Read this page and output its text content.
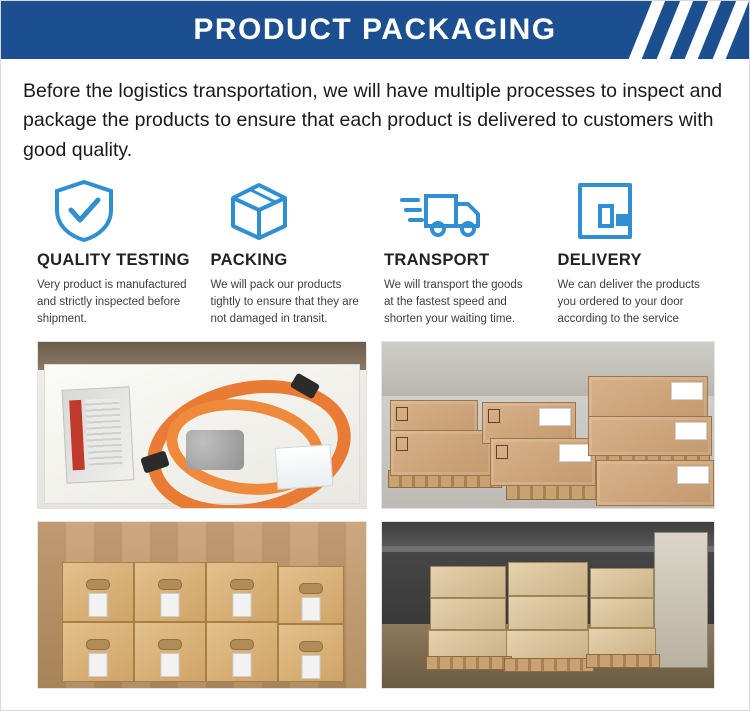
PRODUCT PACKAGING
Before the logistics transportation, we will have multiple processes to inspect and package the products to ensure that each product is delivered to customers with good quality.
QUALITY TESTING
Very product is manufactured and strictly inspected before shipment.
PACKING
We will pack our products tightly to ensure that they are not damaged in transit.
TRANSPORT
We will transport the goods at the fastest speed and shorten your waiting time.
DELIVERY
We can deliver the products you ordered to your door according to the service
